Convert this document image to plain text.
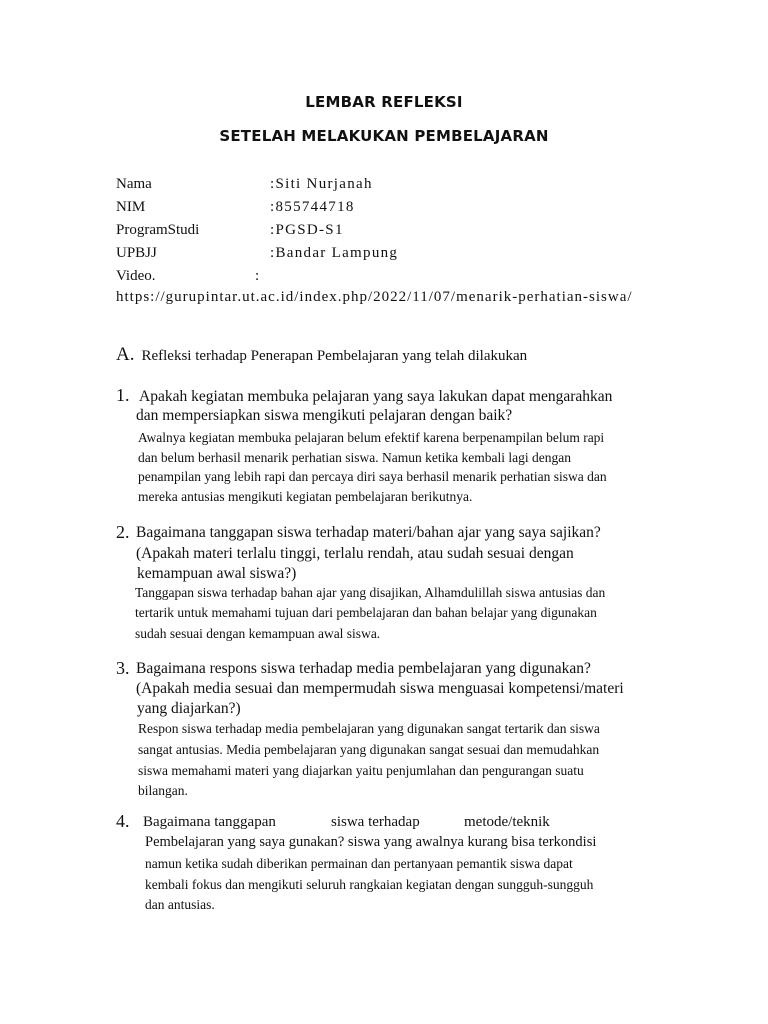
LEMBAR REFLEKSI
SETELAH MELAKUKAN PEMBELAJARAN
Nama	:Siti Nurjanah
NIM	:855744718
ProgramStudi	:PGSD-S1
UPBJJ	:Bandar Lampung
Video.	:
https://gurupintar.ut.ac.id/index.php/2022/11/07/menarik-perhatian-siswa/
A. Refleksi terhadap Penerapan Pembelajaran yang telah dilakukan
1. Apakah kegiatan membuka pelajaran yang saya lakukan dapat mengarahkan
dan mempersiapkan siswa mengikuti pelajaran dengan baik?
Awalnya kegiatan membuka pelajaran belum efektif karena berpenampilan belum rapi
dan belum berhasil menarik perhatian siswa. Namun ketika kembali lagi dengan
penampilan yang lebih rapi dan percaya diri saya berhasil menarik perhatian siswa dan
mereka antusias mengikuti kegiatan pembelajaran berikutnya.
2. Bagaimana tanggapan siswa terhadap materi/bahan ajar yang saya sajikan?
(Apakah materi terlalu tinggi, terlalu rendah, atau sudah sesuai dengan
kemampuan awal siswa?)
Tanggapan siswa terhadap bahan ajar yang disajikan, Alhamdulillah siswa antusias dan
tertarik untuk memahami tujuan dari pembelajaran dan bahan belajar yang digunakan
sudah sesuai dengan kemampuan awal siswa.
3. Bagaimana respons siswa terhadap media pembelajaran yang digunakan?
(Apakah media sesuai dan mempermudah siswa menguasai kompetensi/materi
yang diajarkan?)
Respon siswa terhadap media pembelajaran yang digunakan sangat tertarik dan siswa
sangat antusias. Media pembelajaran yang digunakan sangat sesuai dan memudahkan
siswa memahami materi yang diajarkan yaitu penjumlahan dan pengurangan suatu
bilangan.
4. Bagaimana tanggapan	siswa terhadap	metode/teknik
Pembelajaran yang saya gunakan? siswa yang awalnya kurang bisa terkondisi
namun ketika sudah diberikan permainan dan pertanyaan pemantik siswa dapat
kembali fokus dan mengikuti seluruh rangkaian kegiatan dengan sungguh-sungguh
dan antusias.
